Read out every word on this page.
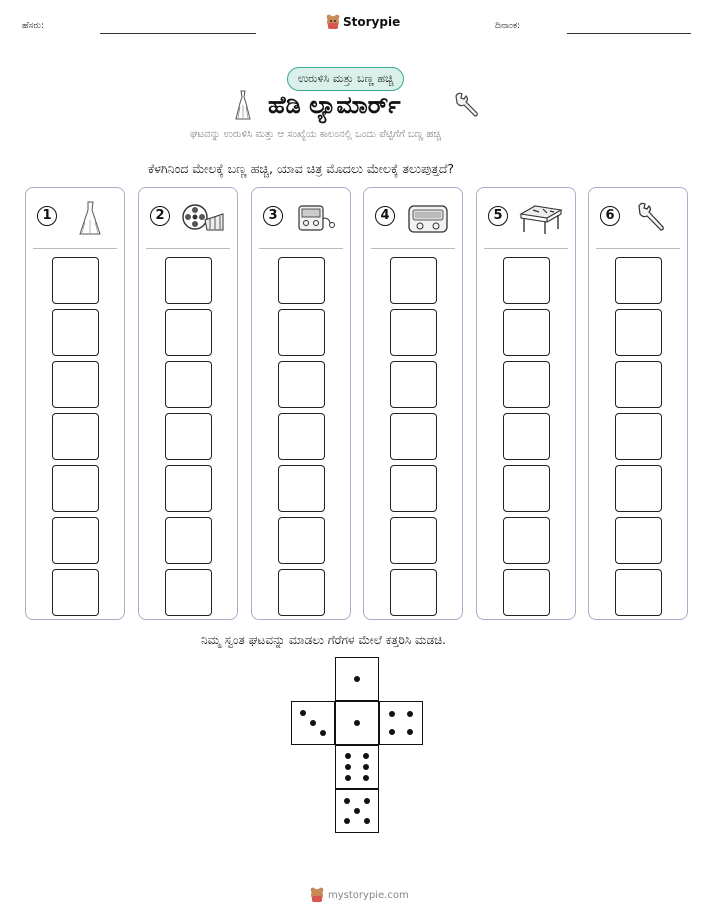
ಹೆಸರು:	Storypie	ದಿನಾಂಕ:
ಉರುಳಿಸಿ ಮತ್ತು ಬಣ್ಣ ಹಚ್ಚಿ
ಹೆಡಿ ಲ್ಯಾಮಾರ್ರ್
ಘಟವನ್ನು ಉರುಳಿಸಿ ಮತ್ತು ಆ ಸಂಖ್ಯೆಯ ಕಾಲಂನಲ್ಲಿ ಒಂದು ಪೆಟ್ಟಿಗೆಗೆ ಬಣ್ಣ ಹಚ್ಚಿ
ಕೆಳಗಿನಿಂದ ಮೇಲಕ್ಕೆ ಬಣ್ಣ ಹಚ್ಚಿ, ಯಾವ ಚಿತ್ರ ಮೊದಲು ಮೇಲಕ್ಕೆ ತಲುಪುತ್ತದೆ?
1	2	3	4	5	6
ನಿಮ್ಮ ಸ್ವಂತ ಘಟವನ್ನು ಮಾಡಲು ಗೆರೆಗಳ ಮೇಲೆ ಕತ್ತರಿಸಿ ಮಡಚಿ.
mystorypie.com
